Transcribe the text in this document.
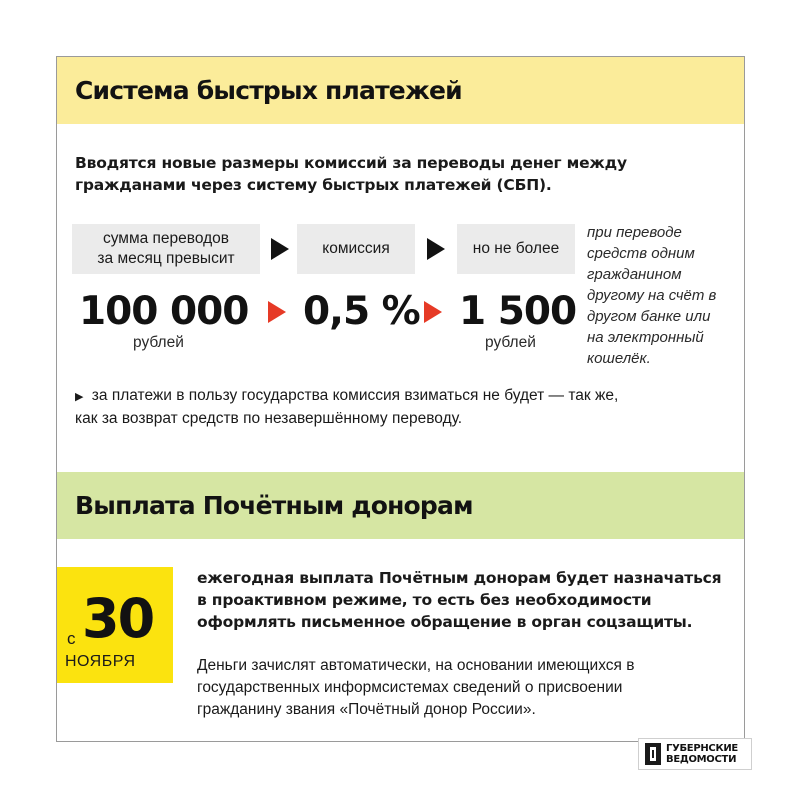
Система быстрых платежей
Вводятся новые размеры комиссий за переводы денег между
гражданами через систему быстрых платежей (СБП).
сумма переводов
за месяц превысит
комиссия	но не более
100 000 0,5 % 1 500
рублей	рублей
при переводе
средств одним
гражданином
другому на счёт в
другом банке или
на электронный
кошелёк.
▶ за платежи в пользу государства комиссия взиматься не будет — так же,
как за возврат средств по незавершённому переводу.
Выплата Почётным донорам
с 30
НОЯБРЯ
ежегодная выплата Почётным донорам будет назначаться
в проактивном режиме, то есть без необходимости
оформлять письменное обращение в орган соцзащиты.
Деньги зачислят автоматически, на основании имеющихся в
государственных информсистемах сведений о присвоении
гражданину звания «Почётный донор России».
ГУБЕРНСКИЕ
ВЕДОМОСТИ
